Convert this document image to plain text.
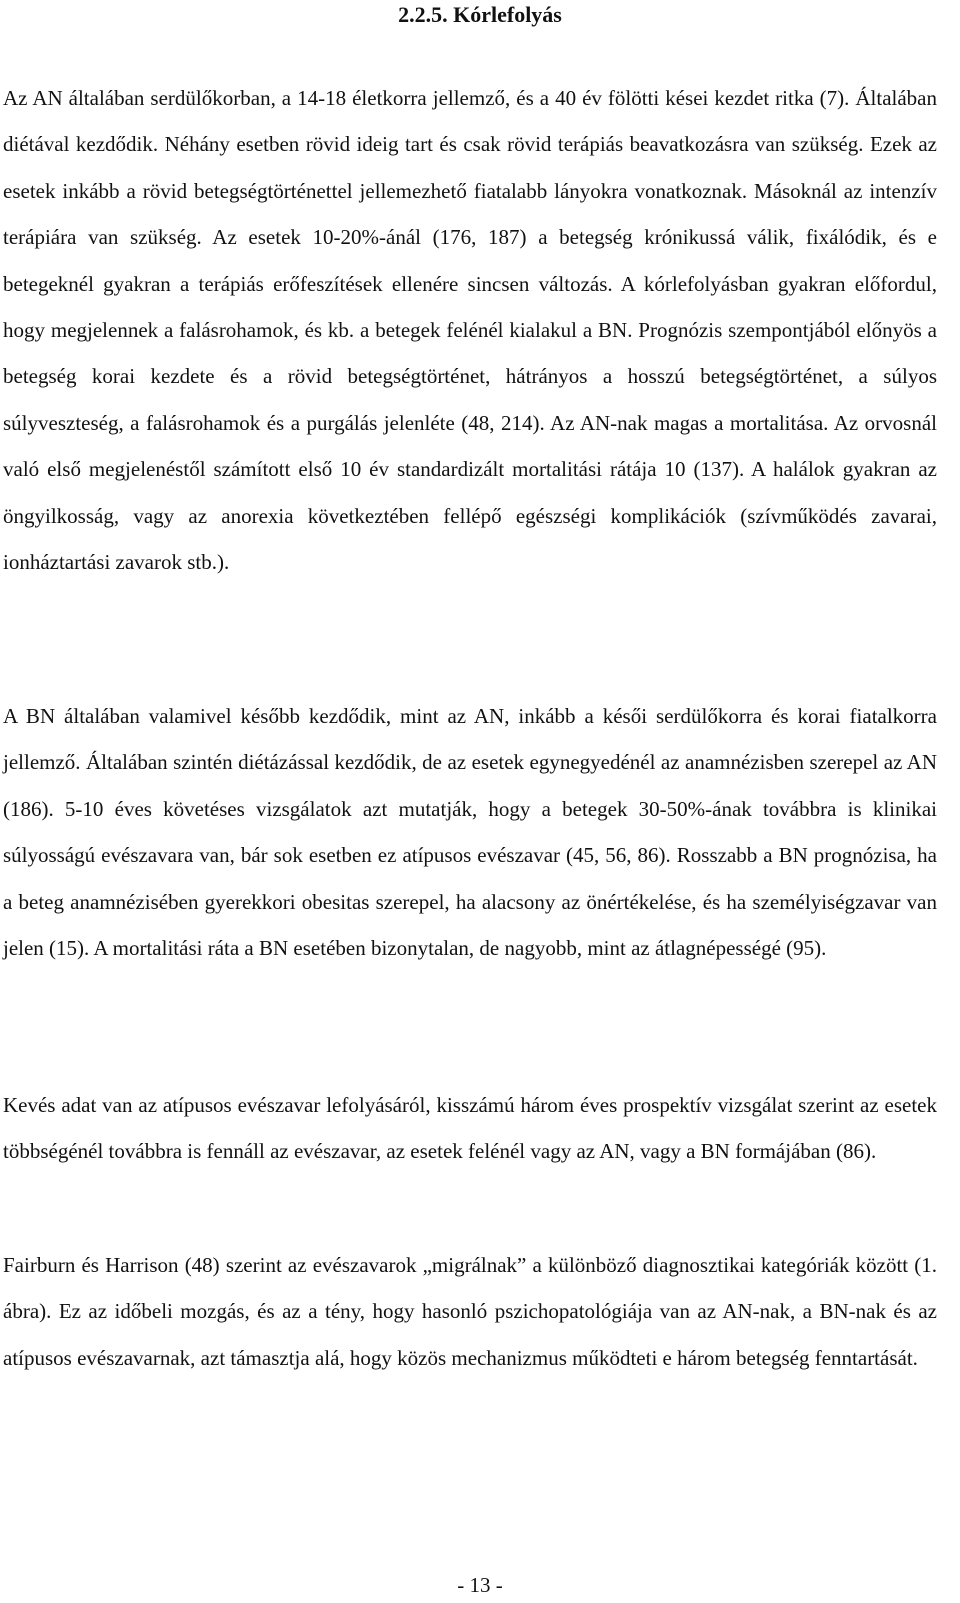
2.2.5. Kórlefolyás

Az AN általában serdülőkorban, a 14-18 életkorra jellemző, és a 40 év fölötti kései kezdet ritka (7). Általában diétával kezdődik. Néhány esetben rövid ideig tart és csak rövid terápiás beavatkozásra van szükség. Ezek az esetek inkább a rövid betegségtörténettel jellemezhető fiatalabb lányokra vonatkoznak. Másoknál az intenzív terápiára van szükség. Az esetek 10-20%-ánál (176, 187) a betegség krónikussá válik, fixálódik, és e betegeknél gyakran a terápiás erőfeszítések ellenére sincsen változás. A kórlefolyásban gyakran előfordul, hogy megjelennek a falásrohamok, és kb. a betegek felénél kialakul a BN. Prognózis szempontjából előnyös a betegség korai kezdete és a rövid betegségtörténet, hátrányos a hosszú betegségtörténet, a súlyos súlyveszteség, a falásrohamok és a purgálás jelenléte (48, 214). Az AN-nak magas a mortalitása. Az orvosnál való első megjelenéstől számított első 10 év standardizált mortalitási rátája 10 (137). A halálok gyakran az öngyilkosság, vagy az anorexia következtében fellépő egészségi komplikációk (szívműködés zavarai, ionháztartási zavarok stb.).

A BN általában valamivel később kezdődik, mint az AN, inkább a késői serdülőkorra és korai fiatalkorra jellemző. Általában szintén diétázással kezdődik, de az esetek egynegyedénél az anamnézisben szerepel az AN (186). 5-10 éves követéses vizsgálatok azt mutatják, hogy a betegek 30-50%-ának továbbra is klinikai súlyosságú evészavara van, bár sok esetben ez atípusos evészavar (45, 56, 86). Rosszabb a BN prognózisa, ha a beteg anamnézisében gyerekkori obesitas szerepel, ha alacsony az önértékelése, és ha személyiségzavar van jelen (15). A mortalitási ráta a BN esetében bizonytalan, de nagyobb, mint az átlagnépességé (95).

Kevés adat van az atípusos evészavar lefolyásáról, kisszámú három éves prospektív vizsgálat szerint az esetek többségénél továbbra is fennáll az evészavar, az esetek felénél vagy az AN, vagy a BN formájában (86).

Fairburn és Harrison (48) szerint az evészavarok „migrálnak” a különböző diagnosztikai kategóriák között (1. ábra). Ez az időbeli mozgás, és az a tény, hogy hasonló pszichopatológiája van az AN-nak, a BN-nak és az atípusos evészavarnak, azt támasztja alá, hogy közös mechanizmus működteti e három betegség fenntartását.

- 13 -
